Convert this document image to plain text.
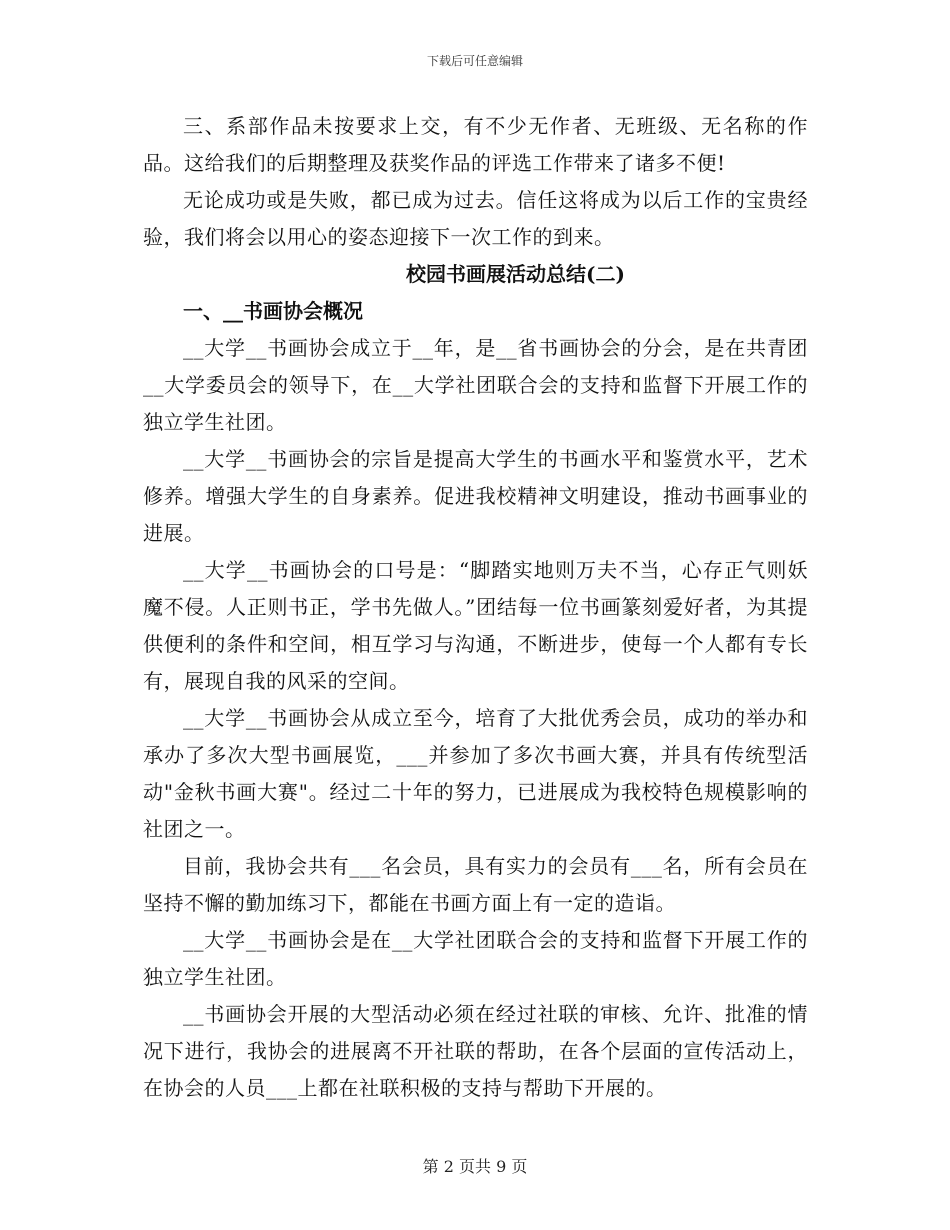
下载后可任意编辑

三、系部作品未按要求上交，有不少无作者、无班级、无名称的作品。这给我们的后期整理及获奖作品的评选工作带来了诸多不便!

无论成功或是失败，都已成为过去。信任这将成为以后工作的宝贵经验，我们将会以用心的姿态迎接下一次工作的到来。

校园书画展活动总结(二)

一、__书画协会概况

__大学__书画协会成立于__年，是__省书画协会的分会，是在共青团__大学委员会的领导下，在__大学社团联合会的支持和监督下开展工作的独立学生社团。

__大学__书画协会的宗旨是提高大学生的书画水平和鉴赏水平，艺术修养。增强大学生的自身素养。促进我校精神文明建设，推动书画事业的进展。

__大学__书画协会的口号是：“脚踏实地则万夫不当，心存正气则妖魔不侵。人正则书正，学书先做人。”团结每一位书画篆刻爱好者，为其提供便利的条件和空间，相互学习与沟通，不断进步，使每一个人都有专长有，展现自我的风采的空间。

__大学__书画协会从成立至今，培育了大批优秀会员，成功的举办和承办了多次大型书画展览，___并参加了多次书画大赛，并具有传统型活动"金秋书画大赛"。经过二十年的努力，已进展成为我校特色规模影响的社团之一。

目前，我协会共有___名会员，具有实力的会员有___名，所有会员在坚持不懈的勤加练习下，都能在书画方面上有一定的造诣。

__大学__书画协会是在__大学社团联合会的支持和监督下开展工作的独立学生社团。

__书画协会开展的大型活动必须在经过社联的审核、允许、批准的情况下进行，我协会的进展离不开社联的帮助，在各个层面的宣传活动上，在协会的人员___上都在社联积极的支持与帮助下开展的。

第 2 页共 9 页
